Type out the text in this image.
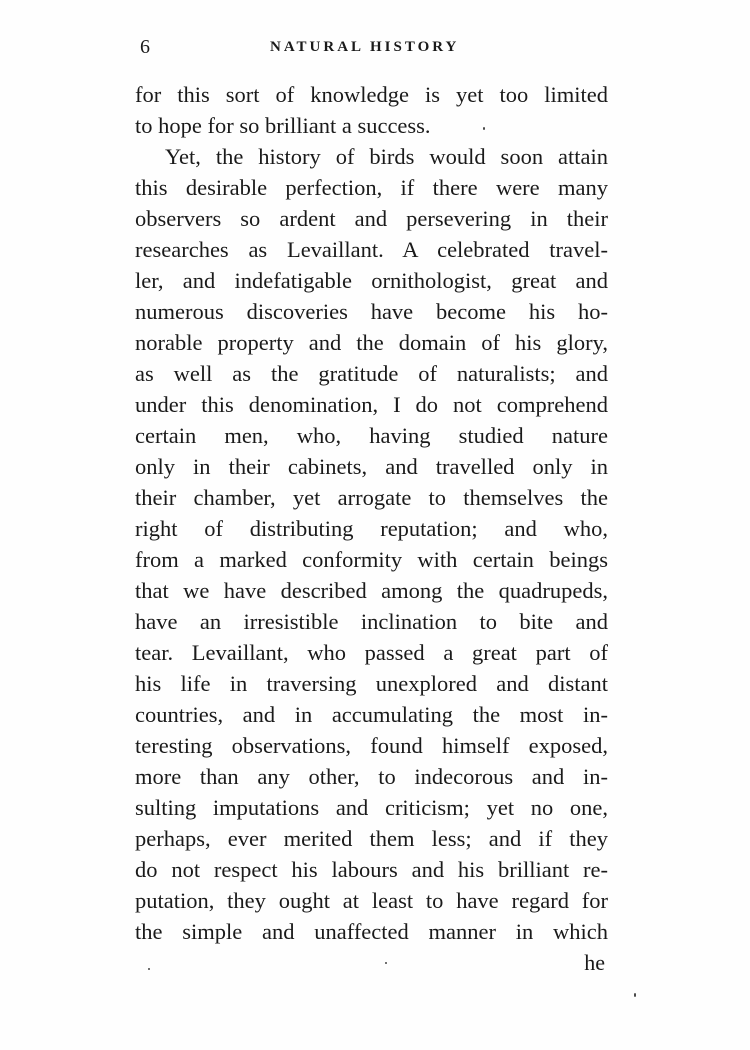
6	NATURAL HISTORY
for this sort of knowledge is yet too limited
to hope for so brilliant a success.
Yet, the history of birds would soon attain
this desirable perfection, if there were many
observers so ardent and persevering in their
researches as Levaillant. A celebrated travel-
ler, and indefatigable ornithologist, great and
numerous discoveries have become his ho-
norable property and the domain of his glory,
as well as the gratitude of naturalists; and
under this denomination, I do not comprehend
certain men, who, having studied nature
only in their cabinets, and travelled only in
their chamber, yet arrogate to themselves the
right of distributing reputation; and who,
from a marked conformity with certain beings
that we have described among the quadrupeds,
have an irresistible inclination to bite and
tear. Levaillant, who passed a great part of
his life in traversing unexplored and distant
countries, and in accumulating the most in-
teresting observations, found himself exposed,
more than any other, to indecorous and in-
sulting imputations and criticism; yet no one,
perhaps, ever merited them less; and if they
do not respect his labours and his brilliant re-
putation, they ought at least to have regard for
the simple and unaffected manner in which
he
